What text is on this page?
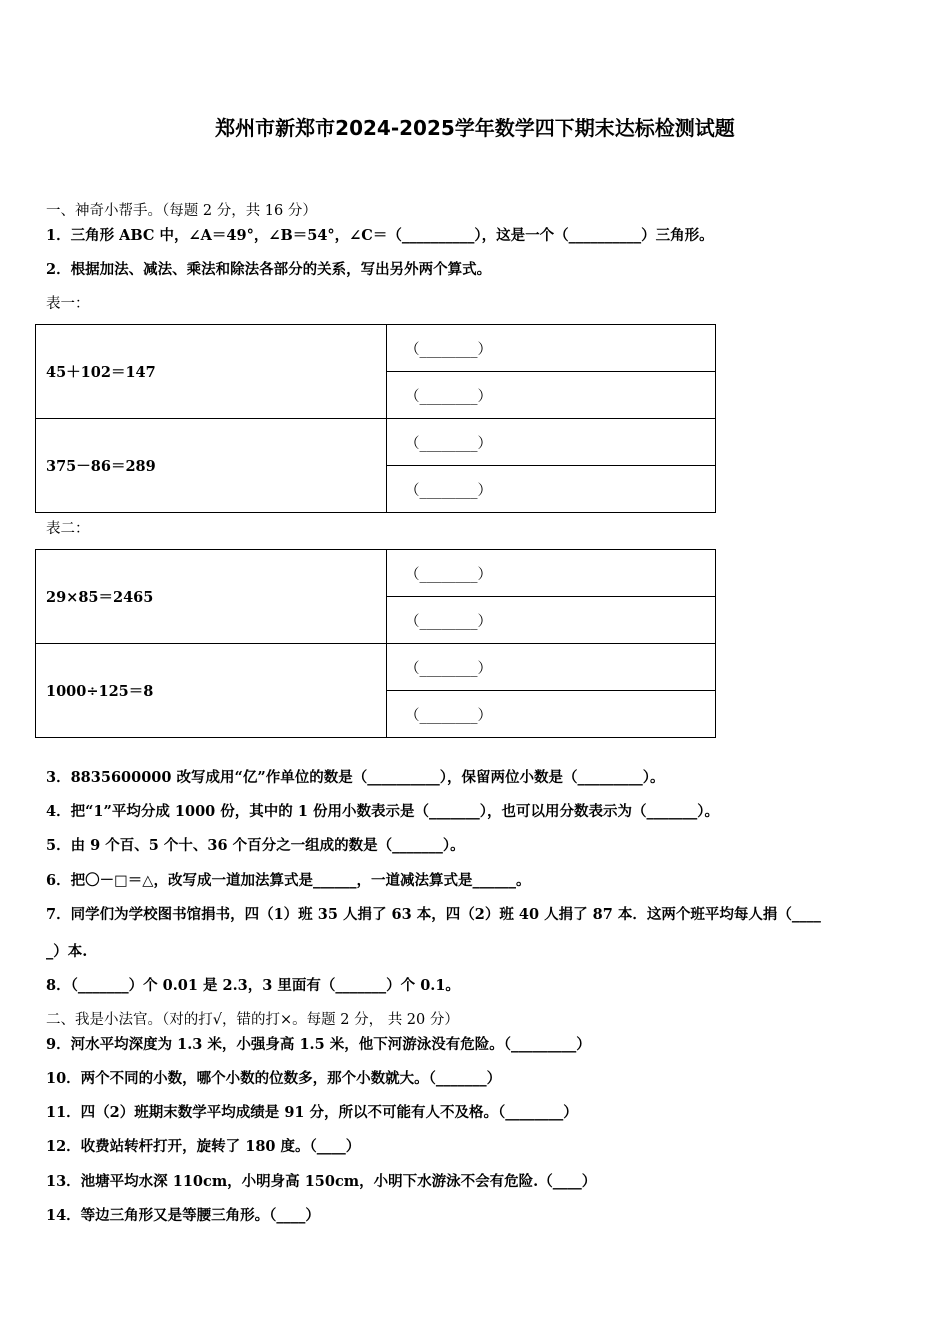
郑州市新郑市2024-2025学年数学四下期末达标检测试题
一、神奇小帮手。（每题 2 分，共 16 分）
1．三角形 ABC 中，∠A＝49°，∠B＝54°，∠C＝（__________），这是一个（__________）三角形。
2．根据加法、减法、乘法和除法各部分的关系，写出另外两个算式。
表一：
45＋102＝147	（________）
	（________）
375－86＝289	（________）
	（________）
表二：
29×85＝2465	（________）
	（________）
1000÷125＝8	（________）
	（________）
3．8835600000 改写成用“亿”作单位的数是（__________），保留两位小数是（_________）。
4．把“1”平均分成 1000 份，其中的 1 份用小数表示是（_______），也可以用分数表示为（_______）。
5．由 9 个百、5 个十、36 个百分之一组成的数是（_______）。
6．把〇－□＝△，改写成一道加法算式是______，一道减法算式是______。
7．同学们为学校图书馆捐书，四（1）班 35 人捐了 63 本，四（2）班 40 人捐了 87 本．这两个班平均每人捐（____
_）本.
8．（_______）个 0.01 是 2.3，3 里面有（_______）个 0.1。
二、我是小法官。（对的打√，错的打×。每题 2 分， 共 20 分）
9．河水平均深度为 1.3 米，小强身高 1.5 米，他下河游泳没有危险。（_________）
10．两个不同的小数，哪个小数的位数多，那个小数就大。（_______）
11．四（2）班期末数学平均成绩是 91 分，所以不可能有人不及格。（________）
12．收费站转杆打开，旋转了 180 度。（____）
13．池塘平均水深 110cm，小明身高 150cm，小明下水游泳不会有危险.（____）
14．等边三角形又是等腰三角形。（____）
